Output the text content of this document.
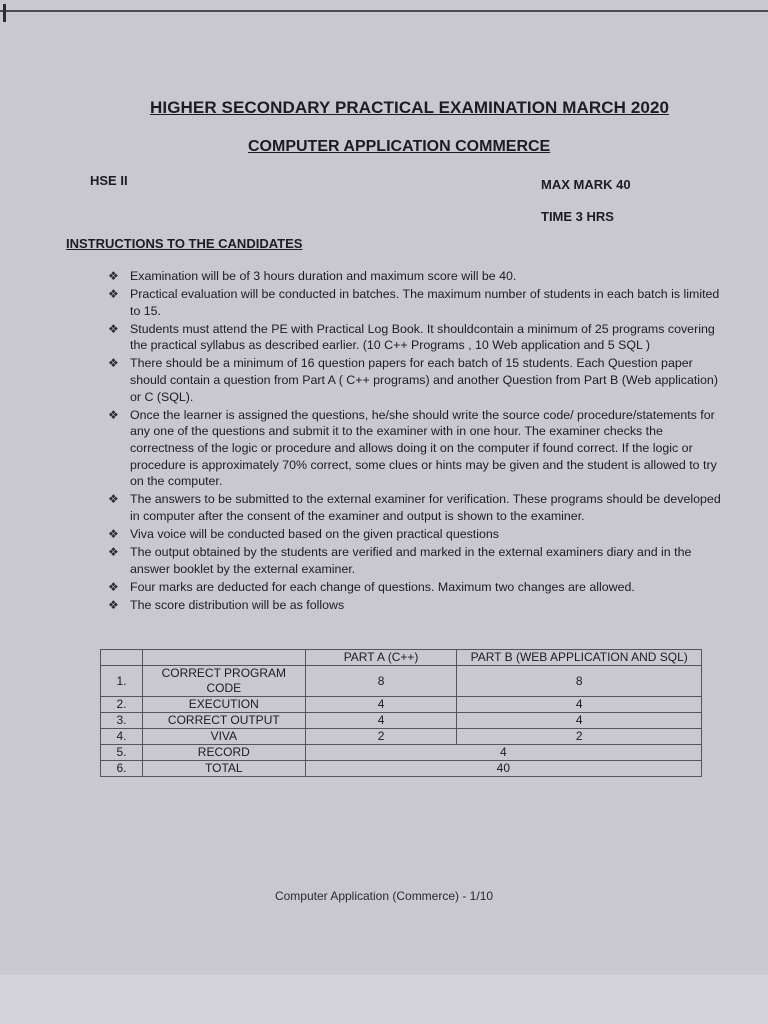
HIGHER SECONDARY PRACTICAL EXAMINATION MARCH 2020
COMPUTER APPLICATION COMMERCE
HSE II	MAX MARK 40
TIME 3 HRS
INSTRUCTIONS TO THE CANDIDATES
❖ Examination will be of 3 hours duration and maximum score will be 40.
❖ Practical evaluation will be conducted in batches. The maximum number of students in each batch is limited to 15.
❖ Students must attend the PE with Practical Log Book. It shouldcontain a minimum of 25 programs covering the practical syllabus as described earlier. (10 C++ Programs , 10 Web application and 5 SQL )
❖ There should be a minimum of 16 question papers for each batch of 15 students. Each Question paper should contain a question from Part A ( C++ programs) and another Question from Part B (Web application) or C (SQL).
❖ Once the learner is assigned the questions, he/she should write the source code/ procedure/statements for any one of the questions and submit it to the examiner with in one hour. The examiner checks the correctness of the logic or procedure and allows doing it on the computer if found correct. If the logic or procedure is approximately 70% correct, some clues or hints may be given and the student is allowed to try on the computer.
❖ The answers to be submitted to the external examiner for verification. These programs should be developed in computer after the consent of the examiner and output is shown to the examiner.
❖ Viva voice will be conducted based on the given practical questions
❖ The output obtained by the students are verified and marked in the external examiners diary and in the answer booklet by the external examiner.
❖ Four marks are deducted for each change of questions. Maximum two changes are allowed.
❖ The score distribution will be as follows
		PART A (C++)	PART B (WEB APPLICATION AND SQL)
1.	CORRECT PROGRAM CODE	8	8
2.	EXECUTION	4	4
3.	CORRECT OUTPUT	4	4
4.	VIVA	2	2
5.	RECORD	4	
6.	TOTAL	40	
Computer Application (Commerce) - 1/10
